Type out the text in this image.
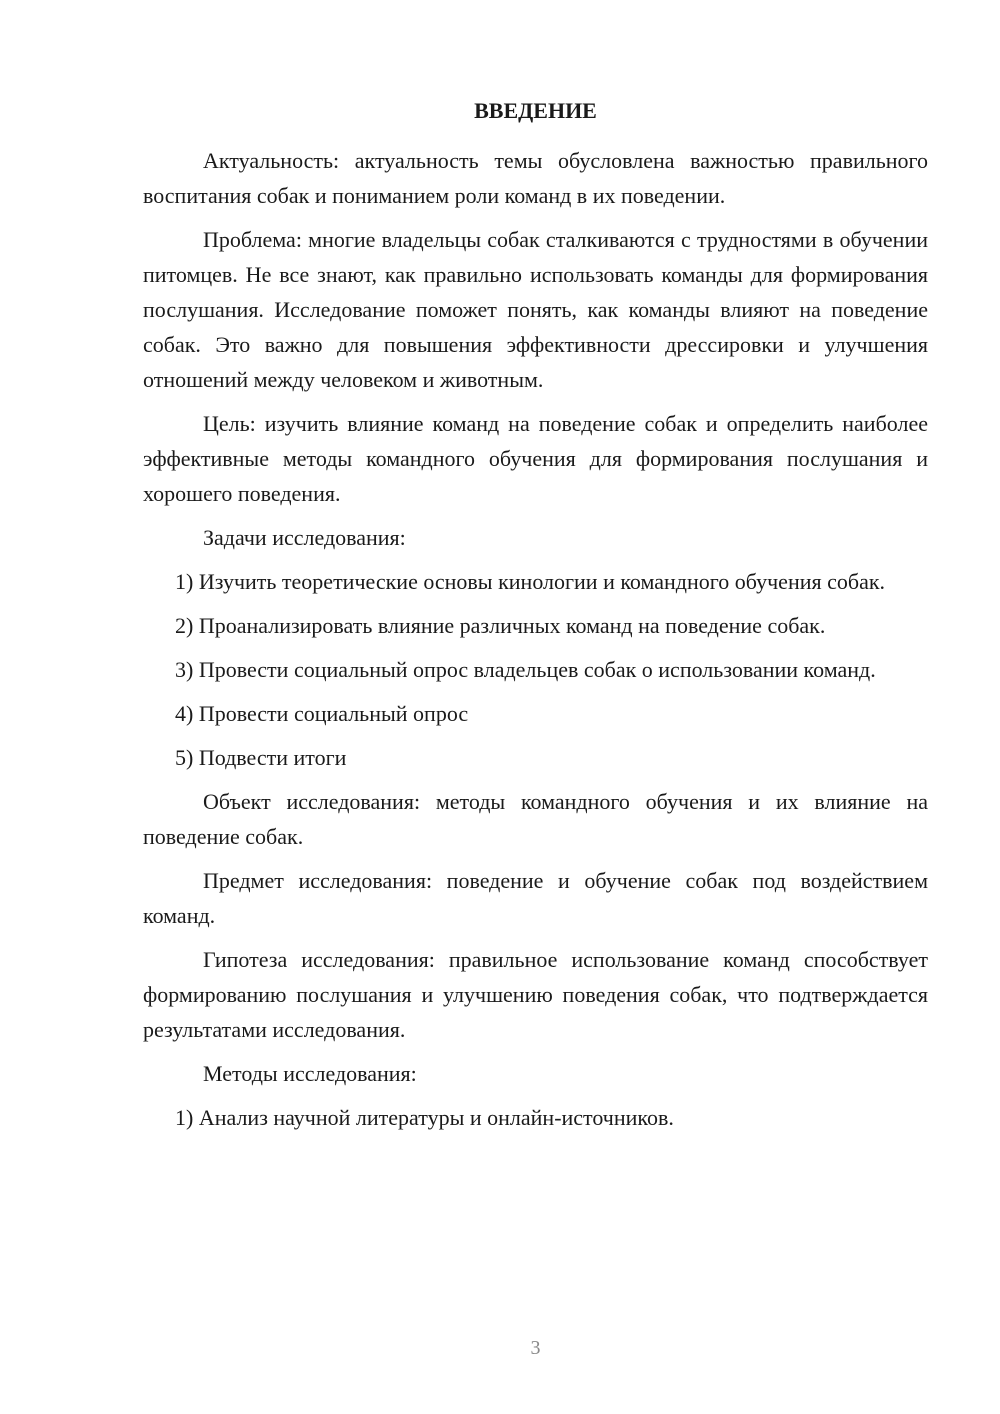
ВВЕДЕНИЕ

Актуальность: актуальность темы обусловлена важностью правильного воспитания собак и пониманием роли команд в их поведении.

Проблема: многие владельцы собак сталкиваются с трудностями в обучении питомцев. Не все знают, как правильно использовать команды для формирования послушания. Исследование поможет понять, как команды влияют на поведение собак. Это важно для повышения эффективности дрессировки и улучшения отношений между человеком и животным.

Цель: изучить влияние команд на поведение собак и определить наиболее эффективные методы командного обучения для формирования послушания и хорошего поведения.

Задачи исследования:

1) Изучить теоретические основы кинологии и командного обучения собак.

2) Проанализировать влияние различных команд на поведение собак.

3) Провести социальный опрос владельцев собак о использовании команд.

4) Провести социальный опрос

5) Подвести итоги

Объект исследования: методы командного обучения и их влияние на поведение собак.

Предмет исследования: поведение и обучение собак под воздействием команд.

Гипотеза исследования: правильное использование команд способствует формированию послушания и улучшению поведения собак, что подтверждается результатами исследования.

Методы исследования:

1) Анализ научной литературы и онлайн-источников.

3
